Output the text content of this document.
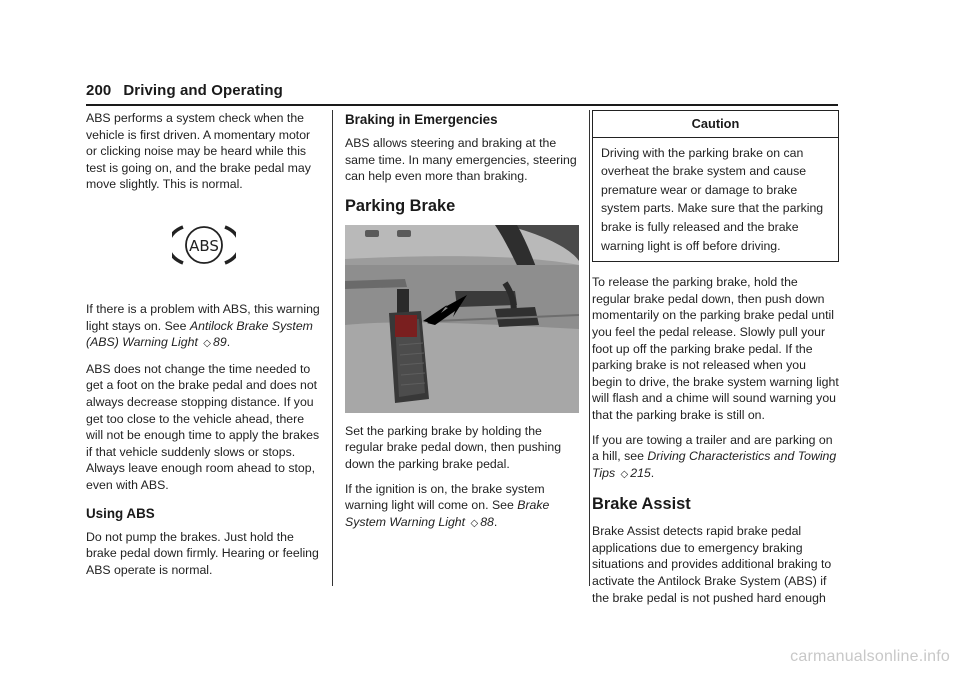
200 Driving and Operating

ABS performs a system check when the vehicle is first driven. A momentary motor or clicking noise may be heard while this test is going on, and the brake pedal may move slightly. This is normal.

ABS

If there is a problem with ABS, this warning light stays on. See Antilock Brake System (ABS) Warning Light ◇ 89.

ABS does not change the time needed to get a foot on the brake pedal and does not always decrease stopping distance. If you get too close to the vehicle ahead, there will not be enough time to apply the brakes if that vehicle suddenly slows or stops. Always leave enough room ahead to stop, even with ABS.

Using ABS

Do not pump the brakes. Just hold the brake pedal down firmly. Hearing or feeling ABS operate is normal.

Braking in Emergencies

ABS allows steering and braking at the same time. In many emergencies, steering can help even more than braking.

Parking Brake

Set the parking brake by holding the regular brake pedal down, then pushing down the parking brake pedal.

If the ignition is on, the brake system warning light will come on. See Brake System Warning Light ◇ 88.

Caution
Driving with the parking brake on can overheat the brake system and cause premature wear or damage to brake system parts. Make sure that the parking brake is fully released and the brake warning light is off before driving.

To release the parking brake, hold the regular brake pedal down, then push down momentarily on the parking brake pedal until you feel the pedal release. Slowly pull your foot up off the parking brake pedal. If the parking brake is not released when you begin to drive, the brake system warning light will flash and a chime will sound warning you that the parking brake is still on.

If you are towing a trailer and are parking on a hill, see Driving Characteristics and Towing Tips ◇ 215.

Brake Assist

Brake Assist detects rapid brake pedal applications due to emergency braking situations and provides additional braking to activate the Antilock Brake System (ABS) if the brake pedal is not pushed hard enough

carmanualsonline.info
